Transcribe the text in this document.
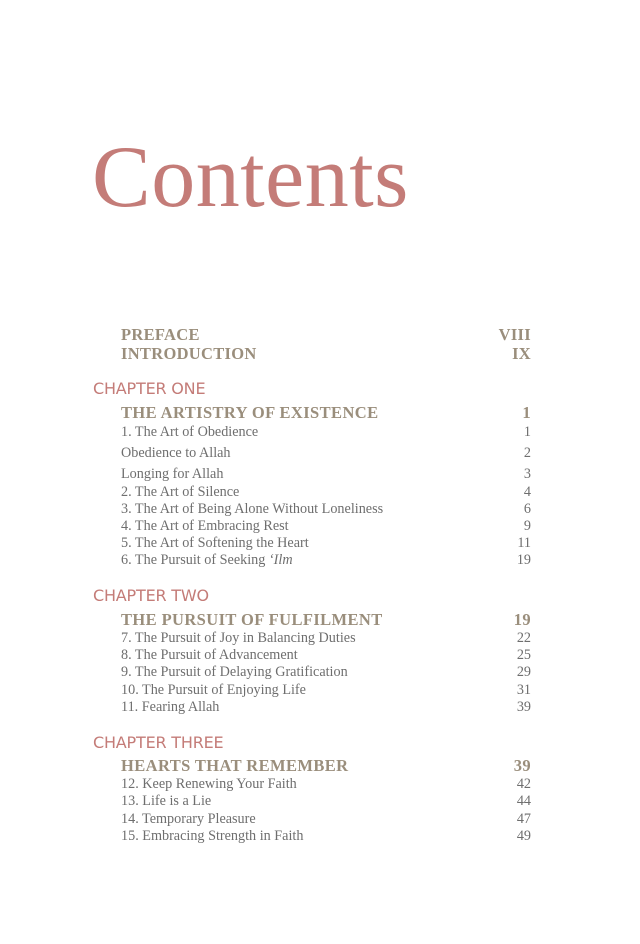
Contents
PREFACE	VIII
INTRODUCTION	IX
CHAPTER ONE
THE ARTISTRY OF EXISTENCE	1
1. The Art of Obedience	1
Obedience to Allah	2
Longing for Allah	3
2. The Art of Silence	4
3. The Art of Being Alone Without Loneliness	6
4. The Art of Embracing Rest	9
5. The Art of Softening the Heart	11
6. The Pursuit of Seeking ‘Ilm	19
CHAPTER TWO
THE PURSUIT OF FULFILMENT	19
7. The Pursuit of Joy in Balancing Duties	22
8. The Pursuit of Advancement	25
9. The Pursuit of Delaying Gratification	29
10. The Pursuit of Enjoying Life	31
11. Fearing Allah	39
CHAPTER THREE
HEARTS THAT REMEMBER	39
12. Keep Renewing Your Faith	42
13. Life is a Lie	44
14. Temporary Pleasure	47
15. Embracing Strength in Faith	49
